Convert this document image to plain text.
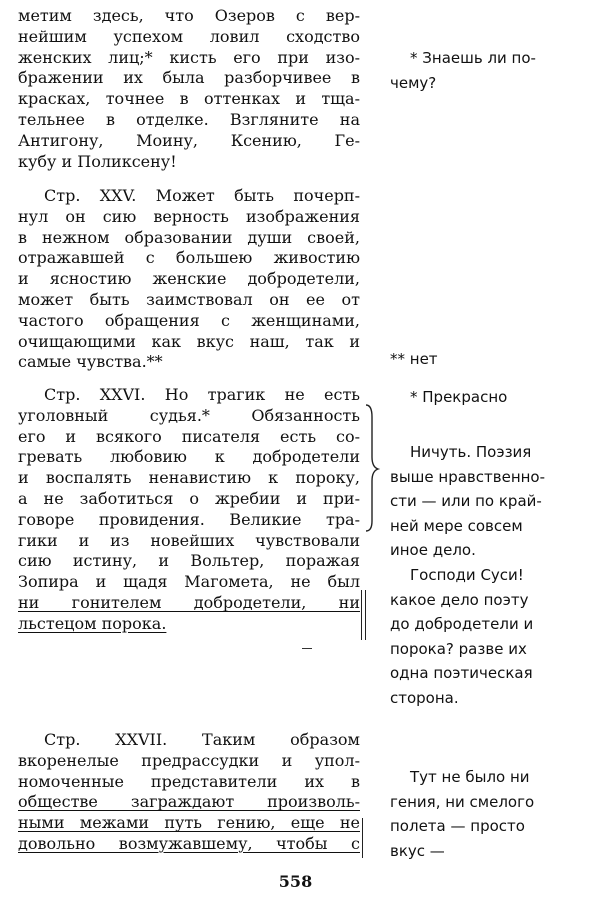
метим здесь, что Озеров с вер-
нейшим успехом ловил сходство
женских лиц;* кисть его при изо-
бражении их была разборчивее в
красках, точнее в оттенках и тща-
тельнее в отделке. Взгляните на
Антигону, Моину, Ксению, Ге-
кубу и Поликсену!
Стр. XXV. Может быть почерп-
нул он сию верность изображения
в нежном образовании души своей,
отражавшей с большею живостию
и ясностию женские добродетели,
может быть заимствовал он ее от
частого обращения с женщинами,
очищающими как вкус наш, так и
самые чувства.**
Стр. XXVI. Но трагик не есть
уголовный судья.* Обязанность
его и всякого писателя есть со-
гревать любовию к добродетели
и воспалять ненавистию к пороку,
а не заботиться о жребии и при-
говоре провидения. Великие тра-
гики и из новейших чувствовали
сию истину, и Вольтер, поражая
Зопира и щадя Магомета, не был
ни гонителем добродетели, ни
льстецом порока.
Стр. XXVII. Таким образом
вкоренелые предрассудки и упол-
номоченные представители их в
обществе заграждают произволь-
ными межами путь гению, еще не
довольно возмужавшему, чтобы с
* Знаешь ли по-
чему?
** нет
* Прекрасно
Ничуть. Поэзия
выше нравственно-
сти — или по край-
ней мере совсем
иное дело.
Господи Суси!
какое дело поэту
до добродетели и
порока? разве их
одна поэтическая
сторона.
Тут не было ни
гения, ни смелого
полета — просто
вкус —
558
